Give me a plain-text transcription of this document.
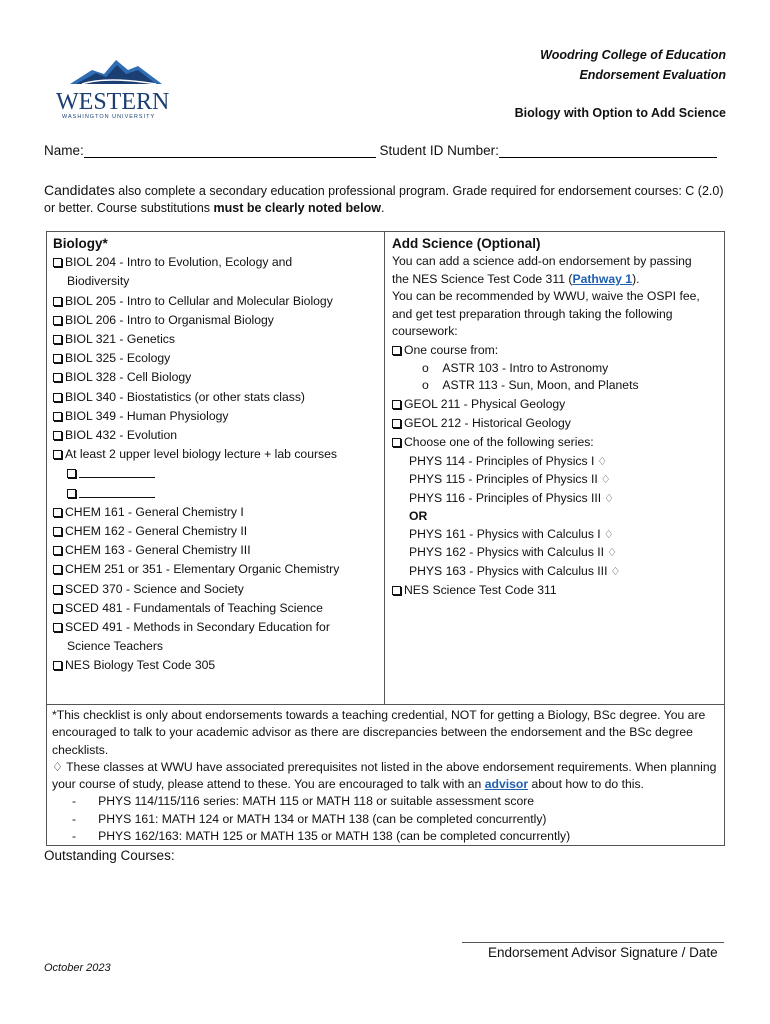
WESTERN
WASHINGTON UNIVERSITY
Woodring College of Education
Endorsement Evaluation
Biology with Option to Add Science
Name:	Student ID Number:
Candidates also complete a secondary education professional program. Grade required for endorsement courses: C (2.0) or better. Course substitutions must be clearly noted below.
Biology*
BIOL 204 - Intro to Evolution, Ecology and
Biodiversity
BIOL 205 - Intro to Cellular and Molecular Biology
BIOL 206 - Intro to Organismal Biology
BIOL 321 - Genetics
BIOL 325 - Ecology
BIOL 328 - Cell Biology
BIOL 340 - Biostatistics (or other stats class)
BIOL 349 - Human Physiology
BIOL 432 - Evolution
At least 2 upper level biology lecture + lab courses
CHEM 161 - General Chemistry I
CHEM 162 - General Chemistry II
CHEM 163 - General Chemistry III
CHEM 251 or 351 - Elementary Organic Chemistry
SCED 370 - Science and Society
SCED 481 - Fundamentals of Teaching Science
SCED 491 - Methods in Secondary Education for
Science Teachers
NES Biology Test Code 305
Add Science (Optional)
You can add a science add-on endorsement by passing
the NES Science Test Code 311 (Pathway 1).
You can be recommended by WWU, waive the OSPI fee,
and get test preparation through taking the following
coursework:
One course from:
o ASTR 103 - Intro to Astronomy
o ASTR 113 - Sun, Moon, and Planets
GEOL 211 - Physical Geology
GEOL 212 - Historical Geology
Choose one of the following series:
PHYS 114 - Principles of Physics I ♢
PHYS 115 - Principles of Physics II ♢
PHYS 116 - Principles of Physics III ♢
OR
PHYS 161 - Physics with Calculus I ♢
PHYS 162 - Physics with Calculus II ♢
PHYS 163 - Physics with Calculus III ♢
NES Science Test Code 311
*This checklist is only about endorsements towards a teaching credential, NOT for getting a Biology, BSc degree. You are encouraged to talk to your academic advisor as there are discrepancies between the endorsement and the BSc degree checklists.
♢ These classes at WWU have associated prerequisites not listed in the above endorsement requirements. When planning your course of study, please attend to these. You are encouraged to talk with an advisor about how to do this.
- PHYS 114/115/116 series: MATH 115 or MATH 118 or suitable assessment score
- PHYS 161: MATH 124 or MATH 134 or MATH 138 (can be completed concurrently)
- PHYS 162/163: MATH 125 or MATH 135 or MATH 138 (can be completed concurrently)
Outstanding Courses:
Endorsement Advisor Signature / Date
October 2023
